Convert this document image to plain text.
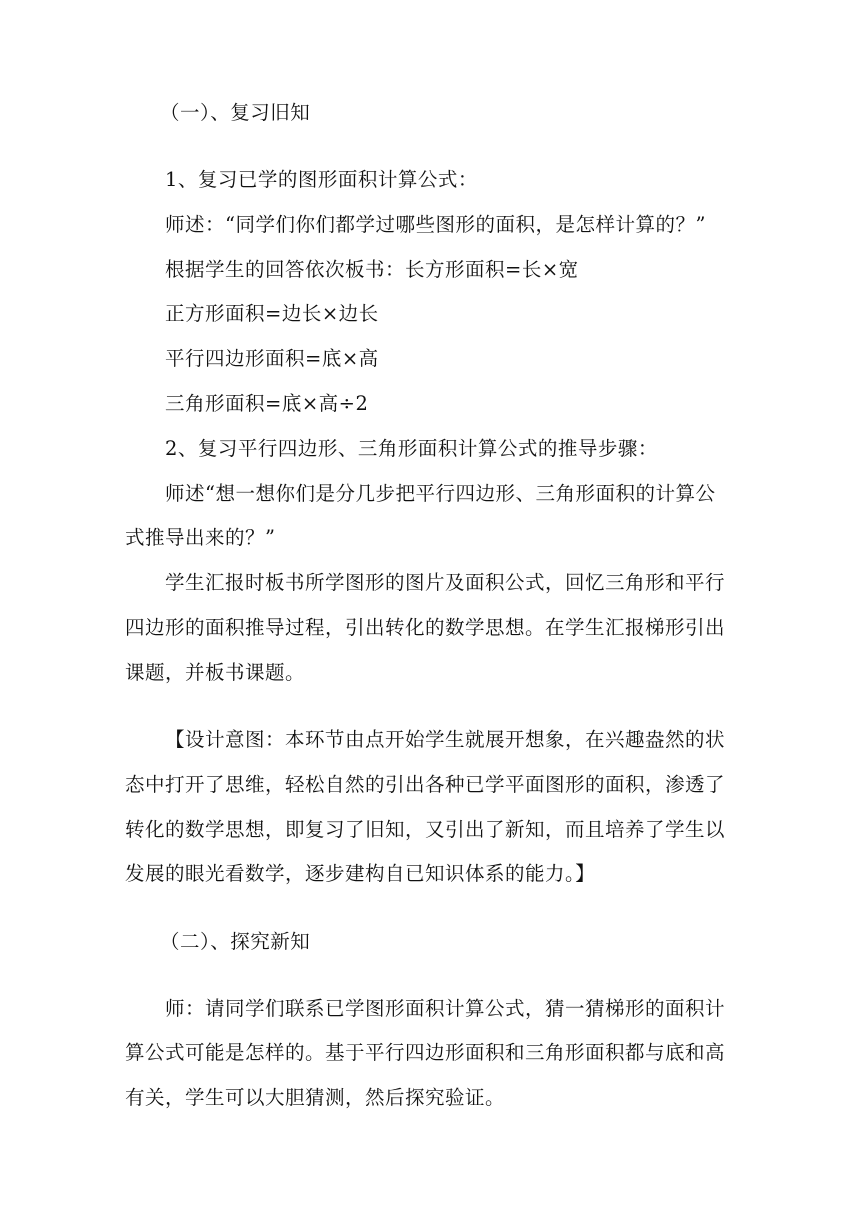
（一）、复习旧知
1、复习已学的图形面积计算公式：
师述：“同学们你们都学过哪些图形的面积，是怎样计算的？”
根据学生的回答依次板书：长方形面积=长×宽
正方形面积=边长×边长
平行四边形面积=底×高
三角形面积=底×高÷2
2、复习平行四边形、三角形面积计算公式的推导步骤：
师述“想一想你们是分几步把平行四边形、三角形面积的计算公
式推导出来的？”
学生汇报时板书所学图形的图片及面积公式，回忆三角形和平行
四边形的面积推导过程，引出转化的数学思想。在学生汇报梯形引出
课题，并板书课题。
【设计意图：本环节由点开始学生就展开想象，在兴趣盎然的状
态中打开了思维，轻松自然的引出各种已学平面图形的面积，渗透了
转化的数学思想，即复习了旧知，又引出了新知，而且培养了学生以
发展的眼光看数学，逐步建构自已知识体系的能力。】
（二）、探究新知
师：请同学们联系已学图形面积计算公式，猜一猜梯形的面积计
算公式可能是怎样的。基于平行四边形面积和三角形面积都与底和高
有关，学生可以大胆猜测，然后探究验证。
